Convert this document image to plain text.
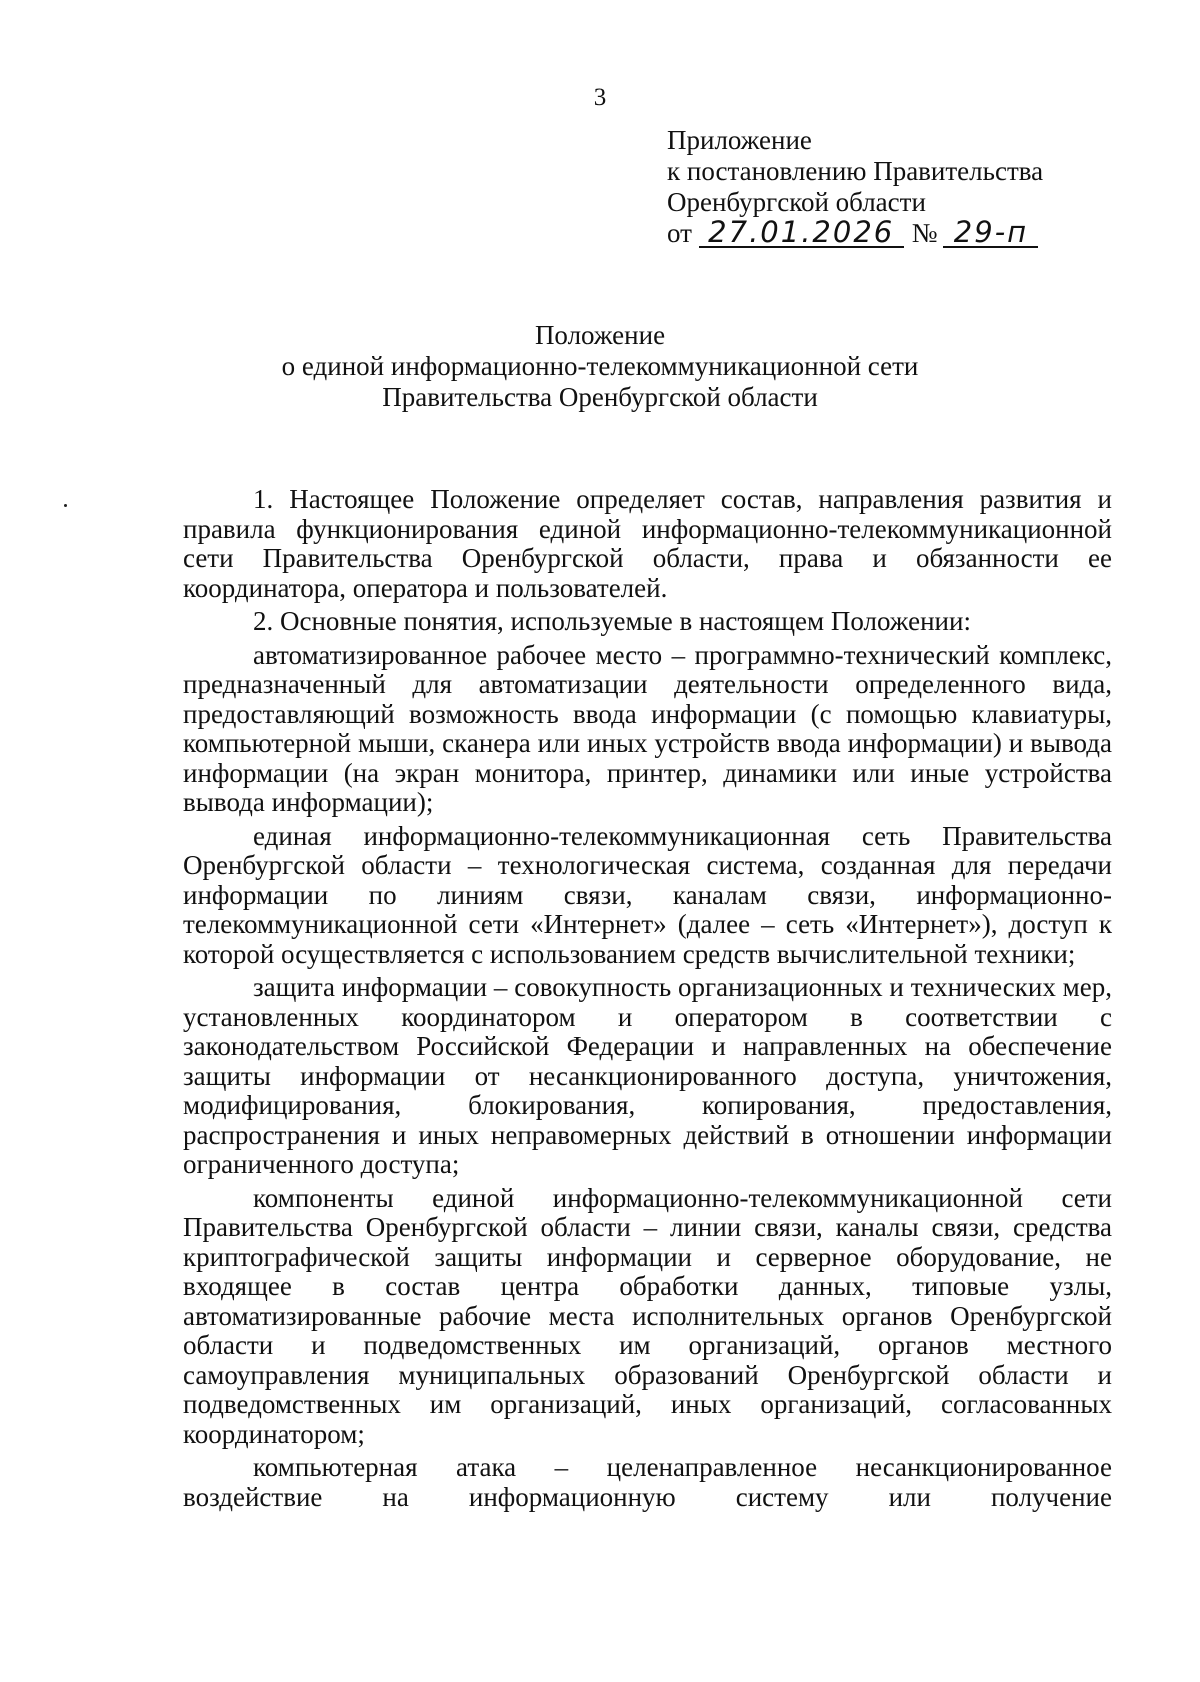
3
Приложение
к постановлению Правительства
Оренбургской области
от 27.01.2026 № 29-п
Положение
о единой информационно-телекоммуникационной сети
Правительства Оренбургской области

1. Настоящее Положение определяет состав, направления развития и правила функционирования единой информационно-телекоммуникационной сети Правительства Оренбургской области, права и обязанности ее координатора, оператора и пользователей.

2. Основные понятия, используемые в настоящем Положении:

автоматизированное рабочее место – программно-технический комплекс, предназначенный для автоматизации деятельности определенного вида, предоставляющий возможность ввода информации (с помощью клавиатуры, компьютерной мыши, сканера или иных устройств ввода информации) и вывода информации (на экран монитора, принтер, динамики или иные устройства вывода информации);

единая информационно-телекоммуникационная сеть Правительства Оренбургской области – технологическая система, созданная для передачи информации по линиям связи, каналам связи, информационно-телекоммуникационной сети «Интернет» (далее – сеть «Интернет»), доступ к которой осуществляется с использованием средств вычислительной техники;

защита информации – совокупность организационных и технических мер, установленных координатором и оператором в соответствии с законодательством Российской Федерации и направленных на обеспечение защиты информации от несанкционированного доступа, уничтожения, модифицирования, блокирования, копирования, предоставления, распространения и иных неправомерных действий в отношении информации ограниченного доступа;

компоненты единой информационно-телекоммуникационной сети Правительства Оренбургской области – линии связи, каналы связи, средства криптографической защиты информации и серверное оборудование, не входящее в состав центра обработки данных, типовые узлы, автоматизированные рабочие места исполнительных органов Оренбургской области и подведомственных им организаций, органов местного самоуправления муниципальных образований Оренбургской области и подведомственных им организаций, иных организаций, согласованных координатором;

компьютерная атака – целенаправленное несанкционированное воздействие на информационную систему или получение
